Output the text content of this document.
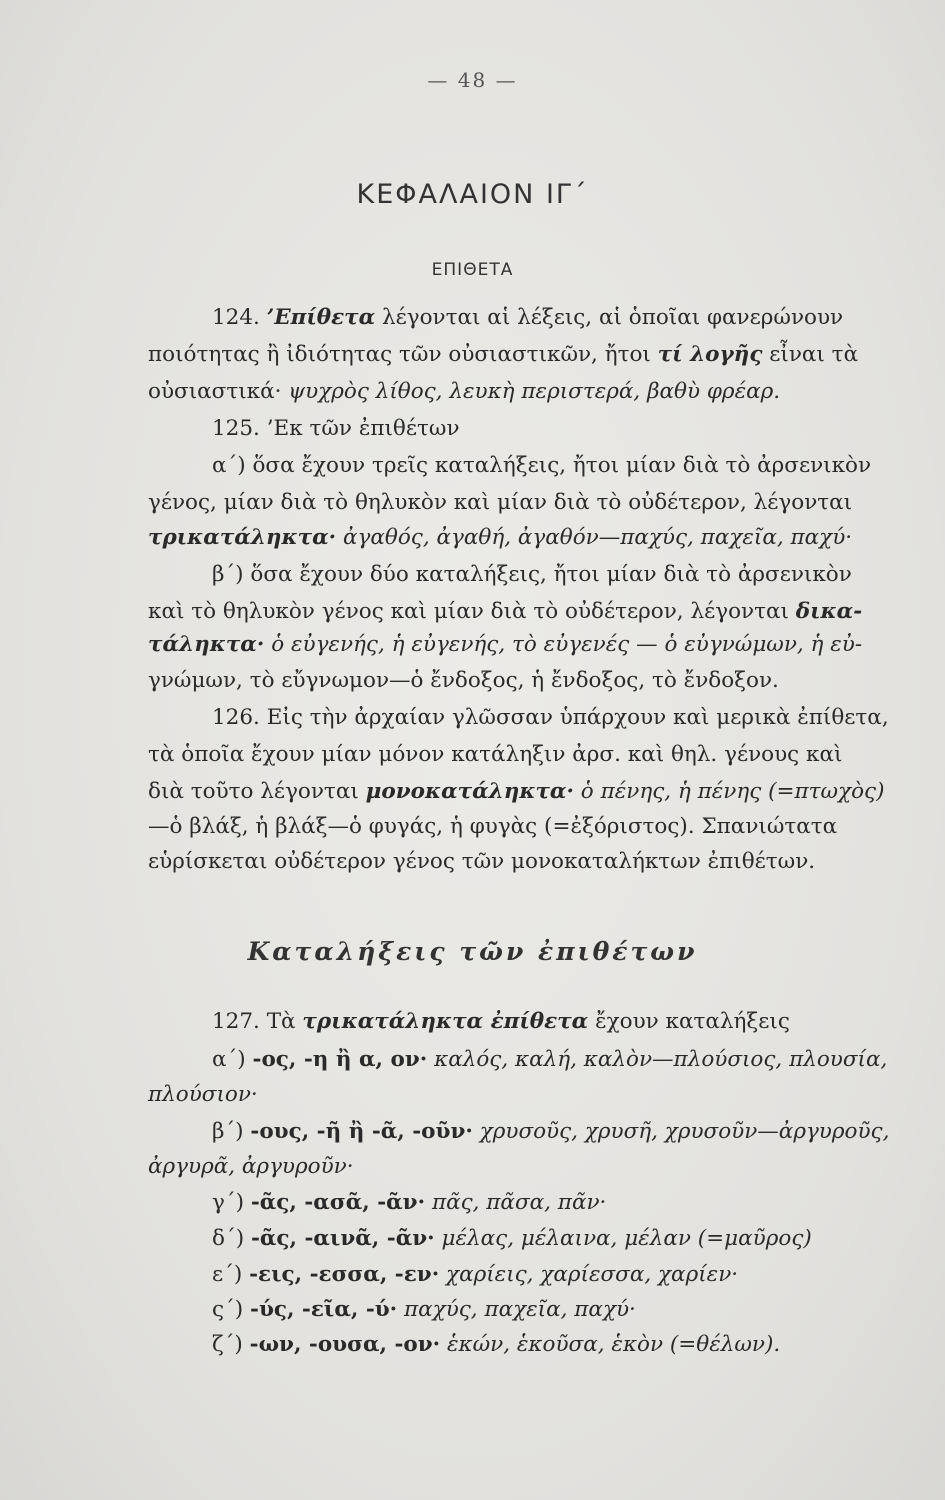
— 48 —
ΚΕΦΑΛΑΙΟΝ ΙΓ΄
ΕΠΙΘΕΤΑ
124. ’Επίθετα λέγονται αἱ λέξεις, αἱ ὁποῖαι φανερώνουν
ποιότητας ἢ ἰδιότητας τῶν οὐσιαστικῶν, ἤτοι τί λογῆς εἶναι τὰ
οὐσιαστικά· ψυχρὸς λίθος, λευκὴ περιστερά, βαθὺ φρέαρ.
125. ’Εκ τῶν ἐπιθέτων
α΄) ὅσα ἔχουν τρεῖς καταλήξεις, ἤτοι μίαν διὰ τὸ ἀρσενικὸν
γένος, μίαν διὰ τὸ θηλυκὸν καὶ μίαν διὰ τὸ οὐδέτερον, λέγονται
τρικατάληκτα· ἀγαθός, ἀγαθή, ἀγαθόν—παχύς, παχεῖα, παχύ·
β΄) ὅσα ἔχουν δύο καταλήξεις, ἤτοι μίαν διὰ τὸ ἀρσενικὸν
καὶ τὸ θηλυκὸν γένος καὶ μίαν διὰ τὸ οὐδέτερον, λέγονται δικα-
τάληκτα· ὁ εὐγενής, ἡ εὐγενής, τὸ εὐγενές — ὁ εὐγνώμων, ἡ εὐ-
γνώμων, τὸ εὔγνωμον—ὁ ἔνδοξος, ἡ ἔνδοξος, τὸ ἔνδοξον.
126. Εἰς τὴν ἀρχαίαν γλῶσσαν ὑπάρχουν καὶ μερικὰ ἐπίθετα,
τὰ ὁποῖα ἔχουν μίαν μόνον κατάληξιν ἀρσ. καὶ θηλ. γένους καὶ
διὰ τοῦτο λέγονται μονοκατάληκτα· ὁ πένης, ἡ πένης (=πτωχὸς)
—ὁ βλάξ, ἡ βλάξ—ὁ φυγάς, ἡ φυγὰς (=ἐξόριστος). Σπανιώτατα
εὑρίσκεται οὐδέτερον γένος τῶν μονοκαταλήκτων ἐπιθέτων.
Καταλήξεις τῶν ἐπιθέτων
127. Τὰ τρικατάληκτα ἐπίθετα ἔχουν καταλήξεις
α΄) -ος, -η ἢ α, ον· καλός, καλή, καλὸν—πλούσιος, πλουσία,
πλούσιον·
β΄) -ους, -ῆ ἢ -ᾶ, -οῦν· χρυσοῦς, χρυσῆ, χρυσοῦν—ἀργυροῦς,
ἀργυρᾶ, ἀργυροῦν·
γ΄) -ᾶς, -ασᾶ, -ᾶν· πᾶς, πᾶσα, πᾶν·
δ΄) -ᾶς, -αινᾶ, -ᾶν· μέλας, μέλαινα, μέλαν (=μαῦρος)
ε΄) -εις, -εσσα, -εν· χαρίεις, χαρίεσσα, χαρίεν·
ς΄) -ύς, -εῖα, -ύ· παχύς, παχεῖα, παχύ·
ζ΄) -ων, -ουσα, -ον· ἑκών, ἑκοῦσα, ἑκὸν (=θέλων).
